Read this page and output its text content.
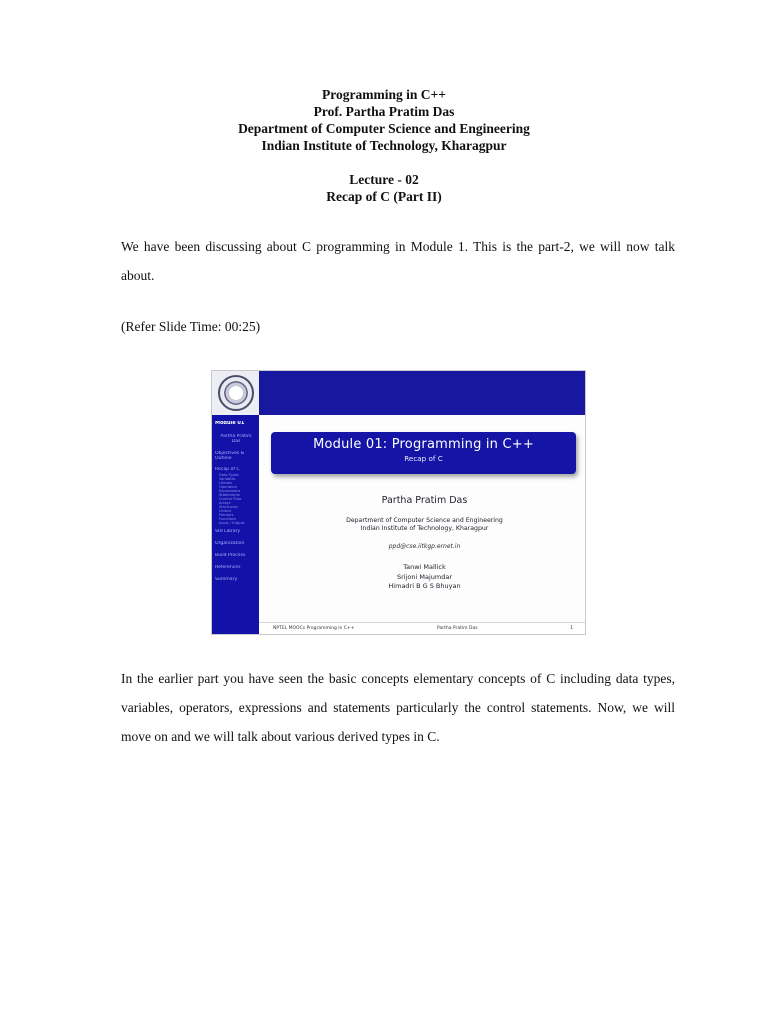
Programming in C++
Prof. Partha Pratim Das
Department of Computer Science and Engineering
Indian Institute of Technology, Kharagpur
Lecture - 02
Recap of C (Part II)
We have been discussing about C programming in Module 1. This is the part-2, we will now talk about.
(Refer Slide Time: 00:25)
Module 01
Partha Pratim
Das
Objectives &
Outline
Recap of C
Data Types
Variables
Literals
Operators
Expressions
Statements
Control Flow
Arrays
Structures
Unions
Pointers
Functions
Input / Output
Std Library
Organization
Build Process
References
Summary
Module 01: Programming in C++
Recap of C
Partha Pratim Das
Department of Computer Science and Engineering
Indian Institute of Technology, Kharagpur
ppd@cse.iitkgp.ernet.in
Tanwi Mallick
Srijoni Majumdar
Himadri B G S Bhuyan
NPTEL MOOCs Programming in C++	Partha Pratim Das	1
In the earlier part you have seen the basic concepts elementary concepts of C including data types, variables, operators, expressions and statements particularly the control statements. Now, we will move on and we will talk about various derived types in C.
